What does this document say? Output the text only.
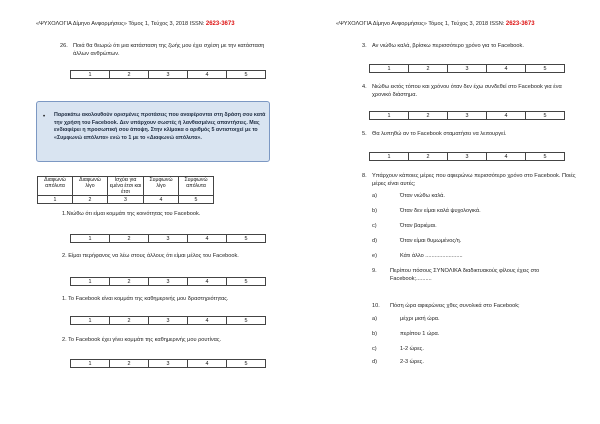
«ΨΥΧΟΛΟΓΙΑ Δίμηνο Ανφορμήσεις» Τόμος 1, Τεύχος 3, 2018 ISSN: 2623-3673
26. Ποιά θα θεωρώ ότι μια κατάσταση της ζωής μου έχει σχέση με την κατάσταση άλλων ανθρώπων.
1	2	3	4	5
• Παρακάτω ακολουθούν ορισμένες προτάσεις που αναφέρονται στη δράση σου κατά την χρήση του Facebook. Δεν υπάρχουν σωστές ή λανθασμένες απαντήσεις. Μας ενδιαφέρει η προσωπική σου άποψη. Στην κλίμακα ο αριθμός 5 αντιστοιχεί με το «Συμφωνώ απόλυτα» ενώ το 1 με το «Διαφωνώ απόλυτα».
Διαφωνώ απόλυτα	Διαφωνώ λίγο	Ισχύει για εμένα έτσι και έτσι	Συμφωνώ λίγο	Συμφωνώ απόλυτα
1	2	3	4	5
1.Νιώθω ότι είμαι κομμάτι της κοινότητας του Facebook.
1	2	3	4	5
2. Είμαι περήφανος να λέω στους άλλους ότι είμαι μέλος του Facebook.
1	2	3	4	5
1. To Facebook είναι κομμάτι της καθημερινής μου δραστηριότητας.
1	2	3	4	5
2. To Facebook έχει γίνει κομμάτι της καθημερινής μου ρουτίνας.
1	2	3	4	5
«ΨΥΧΟΛΟΓΙΑ Δίμηνο Ανφορμήσεις» Τόμος 1, Τεύχος 3, 2018 ISSN: 2623-3673
3. Αν νιώθω καλά, βρίσκω περισσότερο χρόνο για το Facebook.
1	2	3	4	5
4. Νιώθω εκτός τόπου και χρόνου όταν δεν έχω συνδεθεί στο Facebook για ένα χρονικό διάστημα.
1	2	3	4	5
5. Θα λυπηθώ αν το Facebook σταματήσει να λειτουργεί.
1	2	3	4	5
8. Υπάρχουν κάποιες μέρες που αφιερώνω περισσότερο χρόνο στο Facebook. Ποιές μέρες είναι αυτές;
a)	Όταν νιώθω καλά.
b)	Όταν δεν είμαι καλά ψυχολογικά.
c)	Όταν βαριέμαι.
d)	Όταν είμαι θυμωμένος/η.
e)	Κάτι άλλο ........................
9.	Περίπου πόσους ΣΥΝΟΛΙΚΑ διαδικτυακούς φίλους έχεις στο Facebook;..........
10.	Πόση ώρα αφιερώνεις χθες συνολικά στο Facebook;
a)	μέχρι μισή ώρα.
b)	περίπου 1 ώρα.
c)	1-2 ώρες.
d)	2-3 ώρες.
